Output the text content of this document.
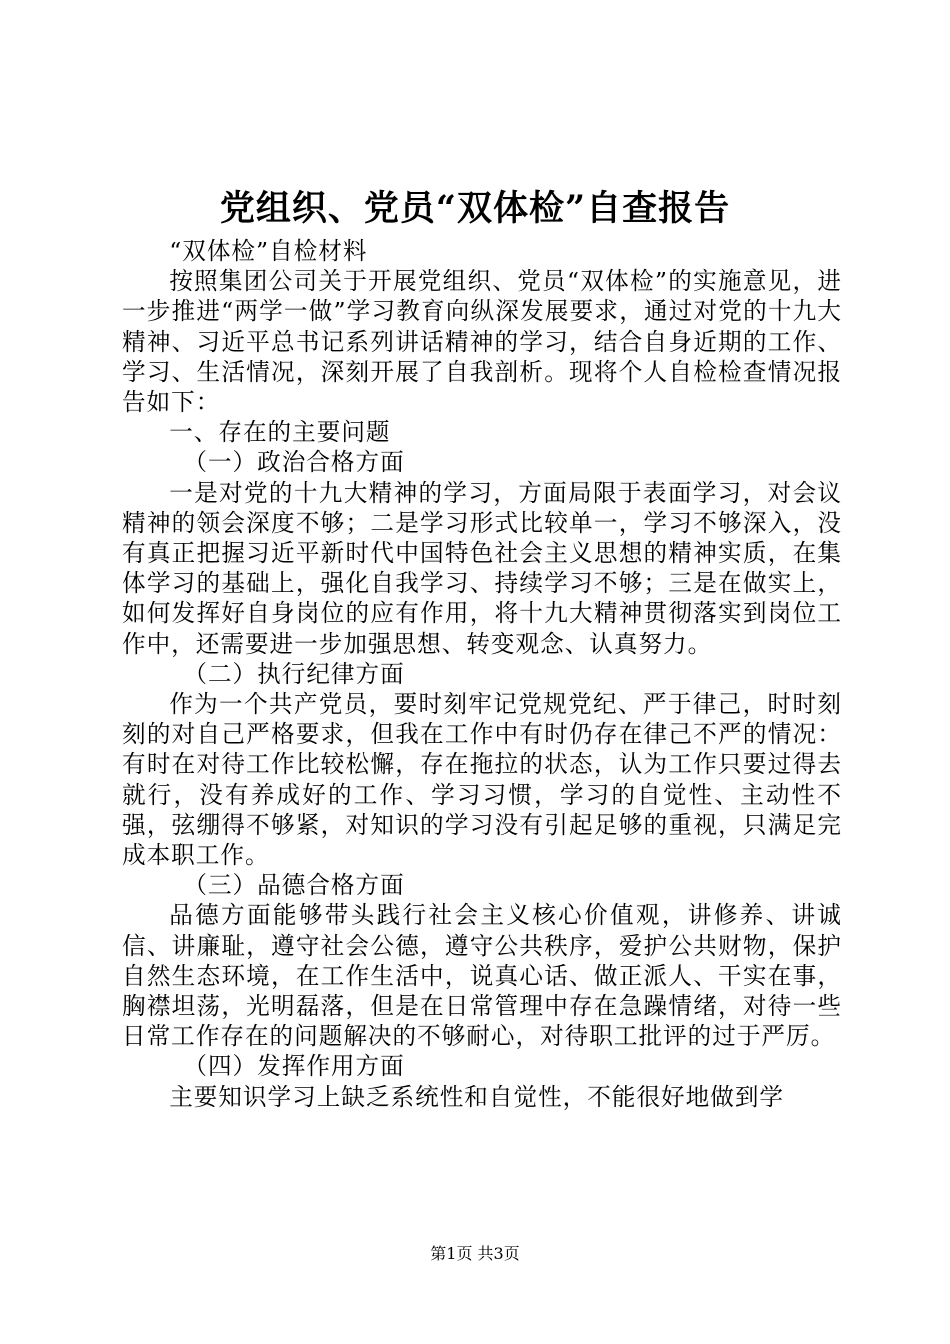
党组织、党员“双体检”自查报告

“双体检”自检材料

按照集团公司关于开展党组织、党员“双体检”的实施意见，进一步推进“两学一做”学习教育向纵深发展要求，通过对党的十九大精神、习近平总书记系列讲话精神的学习，结合自身近期的工作、学习、生活情况，深刻开展了自我剖析。现将个人自检检查情况报告如下：

一、存在的主要问题

（一）政治合格方面

一是对党的十九大精神的学习，方面局限于表面学习，对会议精神的领会深度不够；二是学习形式比较单一，学习不够深入，没有真正把握习近平新时代中国特色社会主义思想的精神实质，在集体学习的基础上，强化自我学习、持续学习不够；三是在做实上，如何发挥好自身岗位的应有作用，将十九大精神贯彻落实到岗位工作中，还需要进一步加强思想、转变观念、认真努力。

（二）执行纪律方面

作为一个共产党员，要时刻牢记党规党纪、严于律己，时时刻刻的对自己严格要求，但我在工作中有时仍存在律己不严的情况：有时在对待工作比较松懈，存在拖拉的状态，认为工作只要过得去就行，没有养成好的工作、学习习惯，学习的自觉性、主动性不强，弦绷得不够紧，对知识的学习没有引起足够的重视，只满足完成本职工作。

（三）品德合格方面

品德方面能够带头践行社会主义核心价值观，讲修养、讲诚信、讲廉耻，遵守社会公德，遵守公共秩序，爱护公共财物，保护自然生态环境，在工作生活中，说真心话、做正派人、干实在事，胸襟坦荡，光明磊落，但是在日常管理中存在急躁情绪，对待一些日常工作存在的问题解决的不够耐心，对待职工批评的过于严厉。

（四）发挥作用方面

主要知识学习上缺乏系统性和自觉性，不能很好地做到学

第1页 共3页
